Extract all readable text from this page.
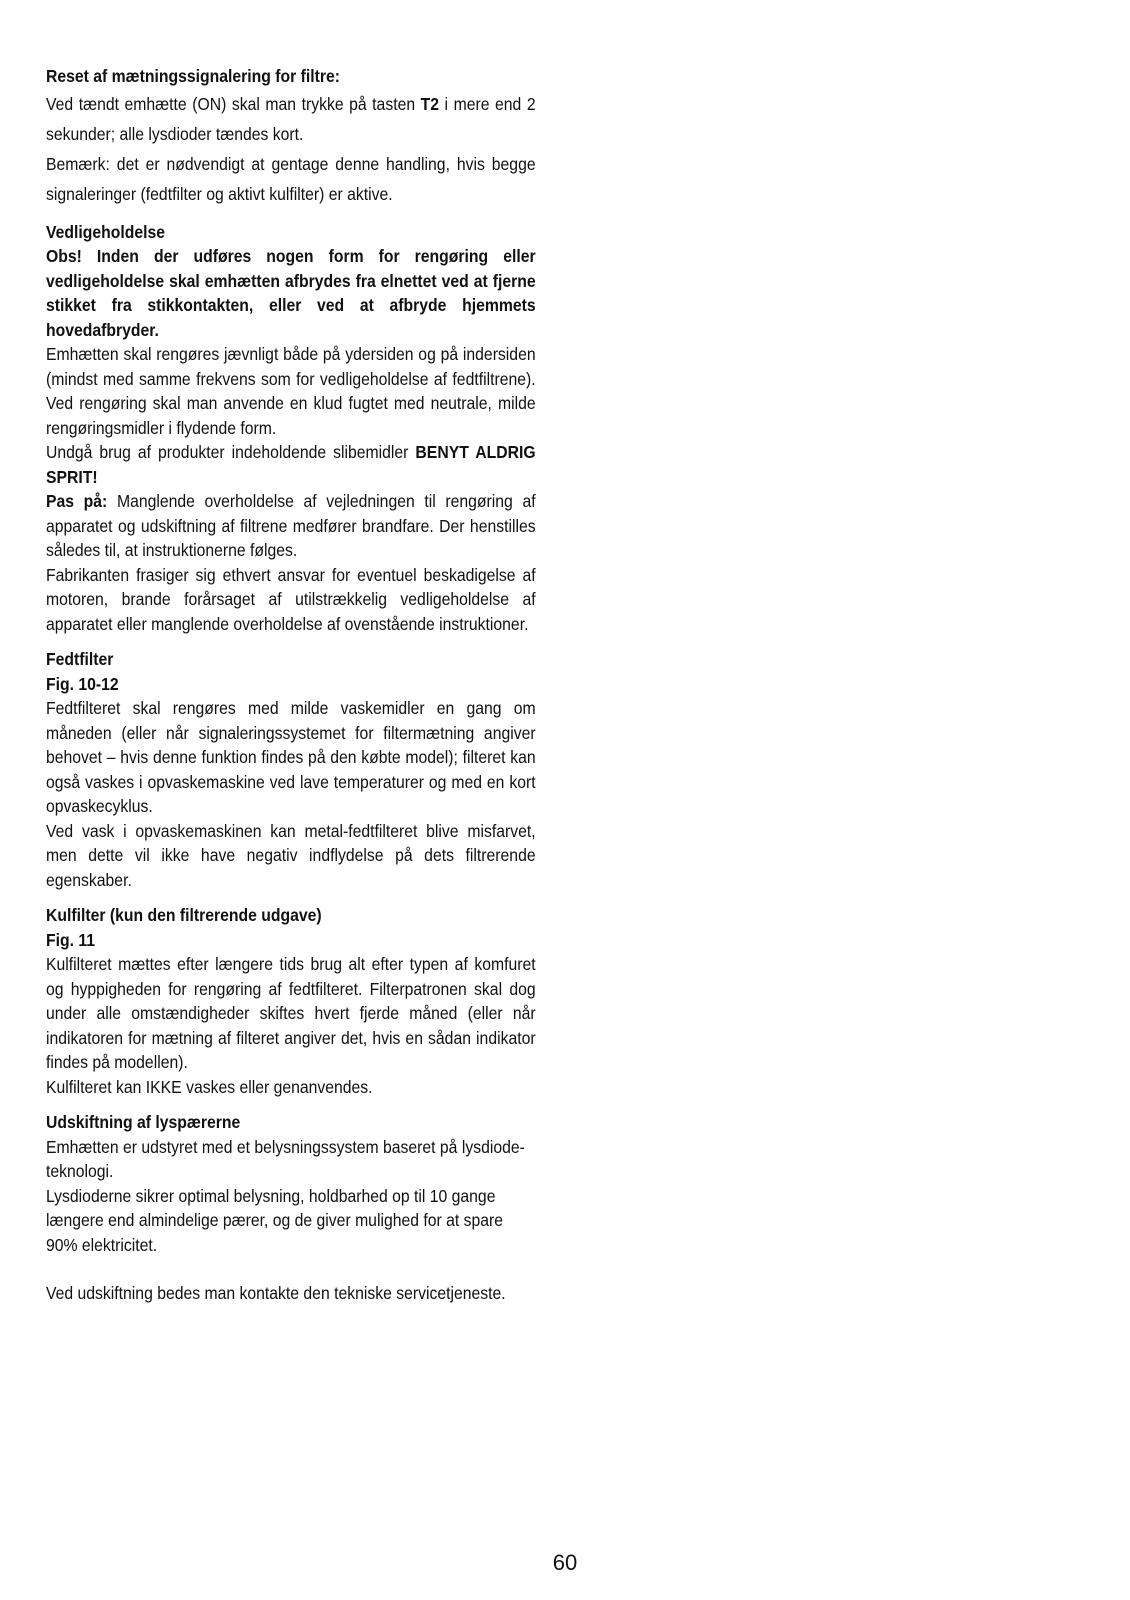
Reset af mætningssignalering for filtre:

Ved tændt emhætte (ON) skal man trykke på tasten T2 i mere end 2 sekunder; alle lysdioder tændes kort.

Bemærk: det er nødvendigt at gentage denne handling, hvis begge signaleringer (fedtfilter og aktivt kulfilter) er aktive.

Vedligeholdelse

Obs! Inden der udføres nogen form for rengøring eller vedligeholdelse skal emhætten afbrydes fra elnettet ved at fjerne stikket fra stikkontakten, eller ved at afbryde hjemmets hovedafbryder.

Emhætten skal rengøres jævnligt både på ydersiden og på indersiden (mindst med samme frekvens som for vedligeholdelse af fedtfiltrene). Ved rengøring skal man anvende en klud fugtet med neutrale, milde rengøringsmidler i flydende form.

Undgå brug af produkter indeholdende slibemidler BENYT ALDRIG SPRIT!

Pas på: Manglende overholdelse af vejledningen til rengøring af apparatet og udskiftning af filtrene medfører brandfare. Der henstilles således til, at instruktionerne følges.

Fabrikanten frasiger sig ethvert ansvar for eventuel beskadigelse af motoren, brande forårsaget af utilstrækkelig vedligeholdelse af apparatet eller manglende overholdelse af ovenstående instruktioner.

Fedtfilter

Fig. 10-12

Fedtfilteret skal rengøres med milde vaskemidler en gang om måneden (eller når signaleringssystemet for filtermætning angiver behovet – hvis denne funktion findes på den købte model); filteret kan også vaskes i opvaskemaskine ved lave temperaturer og med en kort opvaskecyklus.

Ved vask i opvaskemaskinen kan metal-fedtfilteret blive misfarvet, men dette vil ikke have negativ indflydelse på dets filtrerende egenskaber.

Kulfilter (kun den filtrerende udgave)

Fig. 11

Kulfilteret mættes efter længere tids brug alt efter typen af komfuret og hyppigheden for rengøring af fedtfilteret. Filterpatronen skal dog under alle omstændigheder skiftes hvert fjerde måned (eller når indikatoren for mætning af filteret angiver det, hvis en sådan indikator findes på modellen).

Kulfilteret kan IKKE vaskes eller genanvendes.

Udskiftning af lyspærerne

Emhætten er udstyret med et belysningssystem baseret på lysdiode-teknologi.

Lysdioderne sikrer optimal belysning, holdbarhed op til 10 gange længere end almindelige pærer, og de giver mulighed for at spare 90% elektricitet.

Ved udskiftning bedes man kontakte den tekniske servicetjeneste.

60
